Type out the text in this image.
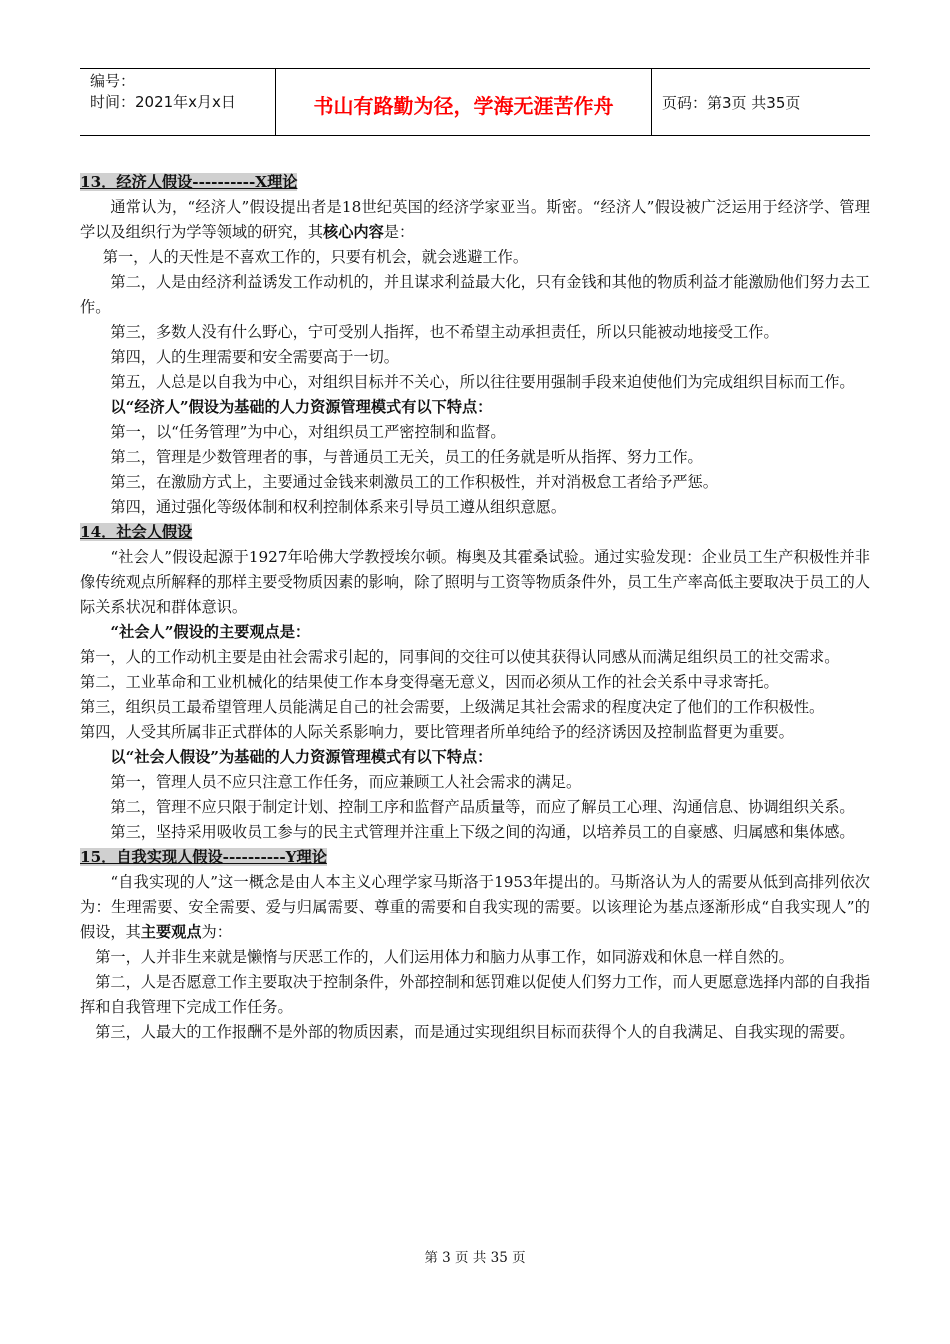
编号：
时间：2021年x月x日	书山有路勤为径，学海无涯苦作舟	页码：第3页 共35页

13．经济人假设----------X理论

通常认为，“经济人”假设提出者是18世纪英国的经济学家亚当。斯密。“经济人”假设被广泛运用于经济学、管理学以及组织行为学等领域的研究，其核心内容是：

第一，人的天性是不喜欢工作的，只要有机会，就会逃避工作。

第二，人是由经济利益诱发工作动机的，并且谋求利益最大化，只有金钱和其他的物质利益才能激励他们努力去工作。

第三，多数人没有什么野心，宁可受别人指挥，也不希望主动承担责任，所以只能被动地接受工作。

第四，人的生理需要和安全需要高于一切。

第五，人总是以自我为中心，对组织目标并不关心，所以往往要用强制手段来迫使他们为完成组织目标而工作。

以“经济人”假设为基础的人力资源管理模式有以下特点：

第一，以“任务管理”为中心，对组织员工严密控制和监督。

第二，管理是少数管理者的事，与普通员工无关，员工的任务就是听从指挥、努力工作。

第三，在激励方式上，主要通过金钱来刺激员工的工作积极性，并对消极怠工者给予严惩。

第四，通过强化等级体制和权利控制体系来引导员工遵从组织意愿。

14．社会人假设

“社会人”假设起源于1927年哈佛大学教授埃尔顿。梅奥及其霍桑试验。通过实验发现：企业员工生产积极性并非像传统观点所解释的那样主要受物质因素的影响，除了照明与工资等物质条件外，员工生产率高低主要取决于员工的人际关系状况和群体意识。

“社会人”假设的主要观点是：

第一，人的工作动机主要是由社会需求引起的，同事间的交往可以使其获得认同感从而满足组织员工的社交需求。

第二，工业革命和工业机械化的结果使工作本身变得毫无意义，因而必须从工作的社会关系中寻求寄托。

第三，组织员工最希望管理人员能满足自己的社会需要，上级满足其社会需求的程度决定了他们的工作积极性。

第四，人受其所属非正式群体的人际关系影响力，要比管理者所单纯给予的经济诱因及控制监督更为重要。

以“社会人假设”为基础的人力资源管理模式有以下特点：

第一，管理人员不应只注意工作任务，而应兼顾工人社会需求的满足。

第二，管理不应只限于制定计划、控制工序和监督产品质量等，而应了解员工心理、沟通信息、协调组织关系。

第三，坚持采用吸收员工参与的民主式管理并注重上下级之间的沟通，以培养员工的自豪感、归属感和集体感。

15．自我实现人假设----------Y理论

“自我实现的人”这一概念是由人本主义心理学家马斯洛于1953年提出的。马斯洛认为人的需要从低到高排列依次为：生理需要、安全需要、爱与归属需要、尊重的需要和自我实现的需要。以该理论为基点逐渐形成“自我实现人”的假设，其主要观点为：

第一，人并非生来就是懒惰与厌恶工作的，人们运用体力和脑力从事工作，如同游戏和休息一样自然的。

第二，人是否愿意工作主要取决于控制条件，外部控制和惩罚难以促使人们努力工作，而人更愿意选择内部的自我指挥和自我管理下完成工作任务。

第三，人最大的工作报酬不是外部的物质因素，而是通过实现组织目标而获得个人的自我满足、自我实现的需要。

第 3 页 共 35 页
